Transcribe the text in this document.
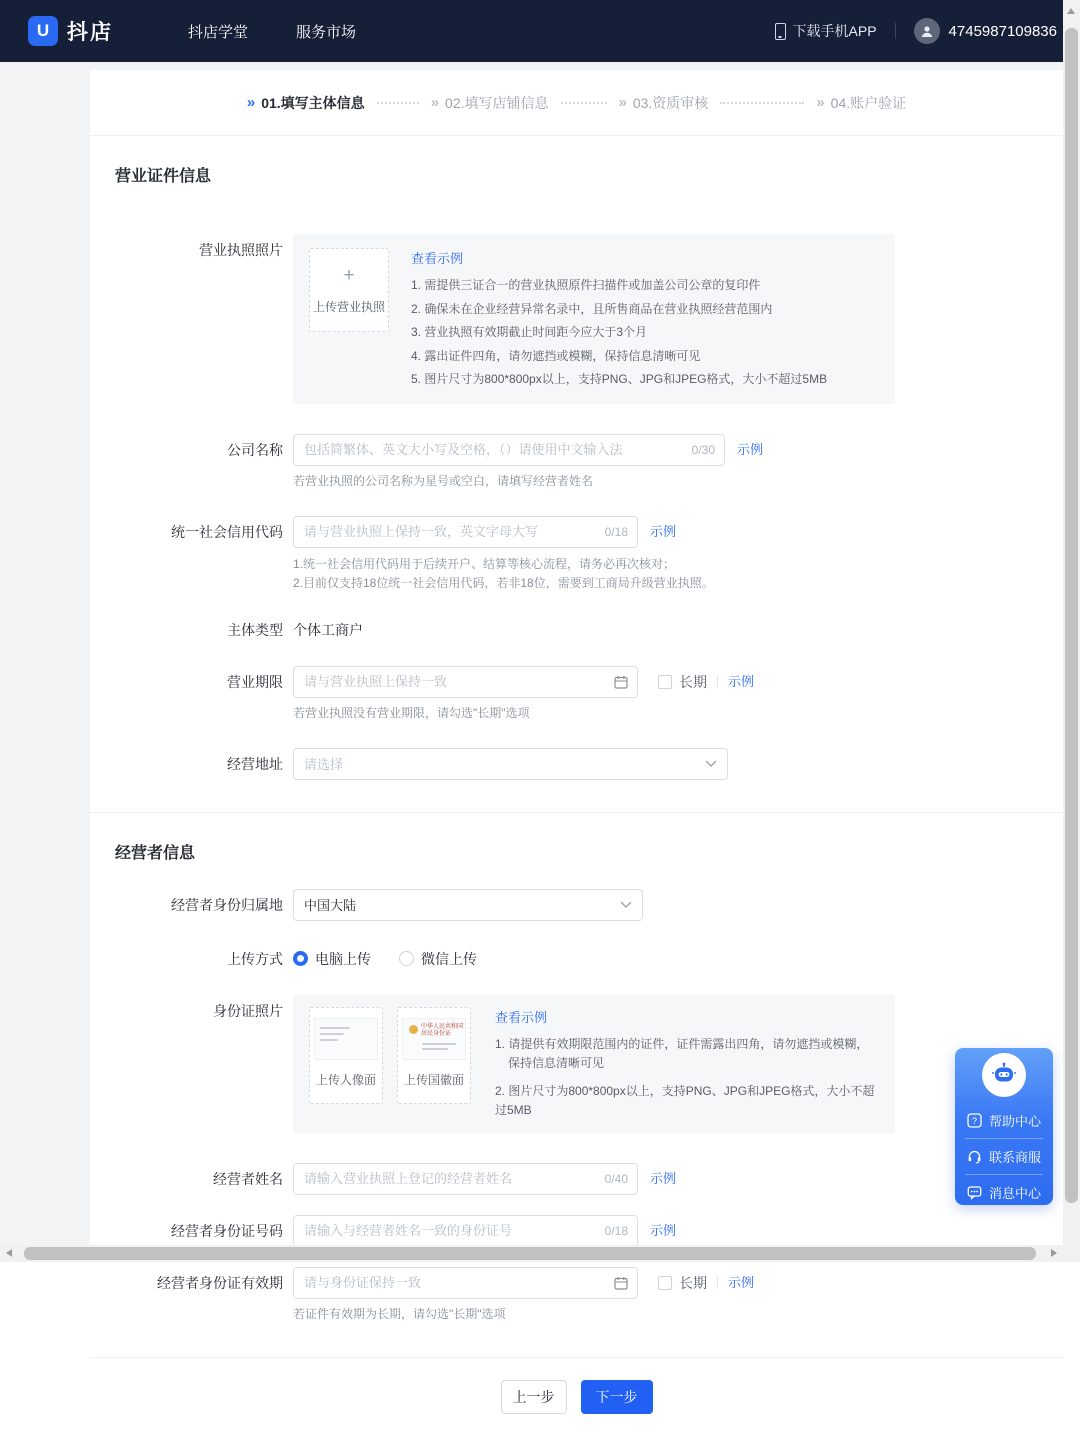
U 抖店	抖店学堂	服务市场	下载手机APP	4745987109836
» 01.填写主体信息	» 02.填写店铺信息	» 03.资质审核	» 04.账户验证
营业证件信息
营业执照照片
+
上传营业执照
查看示例
1. 需提供三证合一的营业执照原件扫描件或加盖公司公章的复印件
2. 确保未在企业经营异常名录中，且所售商品在营业执照经营范围内
3. 营业执照有效期截止时间距今应大于3个月
4. 露出证件四角，请勿遮挡或模糊，保持信息清晰可见
5. 图片尺寸为800*800px以上，支持PNG、JPG和JPEG格式，大小不超过5MB
公司名称
包括简繁体、英文大小写及空格，（）请使用中文输入法	0/30 示例
若营业执照的公司名称为星号或空白，请填写经营者姓名
统一社会信用代码
请与营业执照上保持一致，英文字母大写	0/18 示例
1.统一社会信用代码用于后续开户、结算等核心流程，请务必再次核对；
2.目前仅支持18位统一社会信用代码，若非18位，需要到工商局升级营业执照。
主体类型 个体工商户
营业期限
请与营业执照上保持一致	长期 示例
若营业执照没有营业期限，请勾选"长期"选项
经营地址	请选择
经营者信息
经营者身份归属地	中国大陆
上传方式	电脑上传	微信上传
身份证照片
上传人像面
中华人民共和国
居民身份证
上传国徽面
查看示例
1. 请提供有效期限范围内的证件，证件需露出四角，请勿遮挡或模糊，保持信息清晰可见
2. 图片尺寸为800*800px以上，支持PNG、JPG和JPEG格式，大小不超过5MB
经营者姓名
请输入营业执照上登记的经营者姓名	0/40 示例
经营者身份证号码
请输入与经营者姓名一致的身份证号	0/18 示例
经营者身份证有效期
请与身份证保持一致	长期 示例
若证件有效期为长期，请勾选"长期"选项
上一步	下一步
? 帮助中心
联系商服
消息中心
